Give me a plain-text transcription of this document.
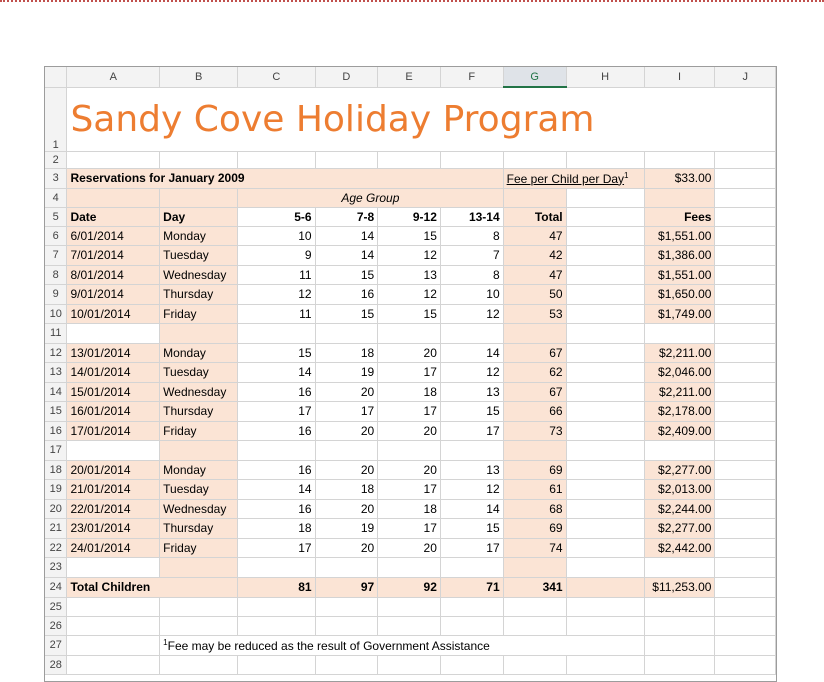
	A	B	C	D	E	F	G	H	I	J
1	Sandy Cove Holiday Program									
2										
3	Reservations for January 2009						Fee per Child per Day$^1$		$33.00	
4			Age Group							
5	Date	Day	5-6	7-8	9-12	13-14	Total		Fees	
6	6/01/2014	Monday	10	14	15	8	47		$1,551.00	
7	7/01/2014	Tuesday	9	14	12	7	42		$1,386.00	
8	8/01/2014	Wednesday	11	15	13	8	47		$1,551.00	
9	9/01/2014	Thursday	12	16	12	10	50		$1,650.00	
10	10/01/2014	Friday	11	15	15	12	53		$1,749.00	
11										
12	13/01/2014	Monday	15	18	20	14	67		$2,211.00	
13	14/01/2014	Tuesday	14	19	17	12	62		$2,046.00	
14	15/01/2014	Wednesday	16	20	18	13	67		$2,211.00	
15	16/01/2014	Thursday	17	17	17	15	66		$2,178.00	
16	17/01/2014	Friday	16	20	20	17	73		$2,409.00	
17										
18	20/01/2014	Monday	16	20	20	13	69		$2,277.00	
19	21/01/2014	Tuesday	14	18	17	12	61		$2,013.00	
20	22/01/2014	Wednesday	16	20	18	14	68		$2,244.00	
21	23/01/2014	Thursday	18	19	17	15	69		$2,277.00	
22	24/01/2014	Friday	17	20	20	17	74		$2,442.00	
23										
24	Total Children		81	97	92	71	341		$11,253.00	
25										
26										
27		$^1$Fee may be reduced as the result of Government Assistance								
28										
